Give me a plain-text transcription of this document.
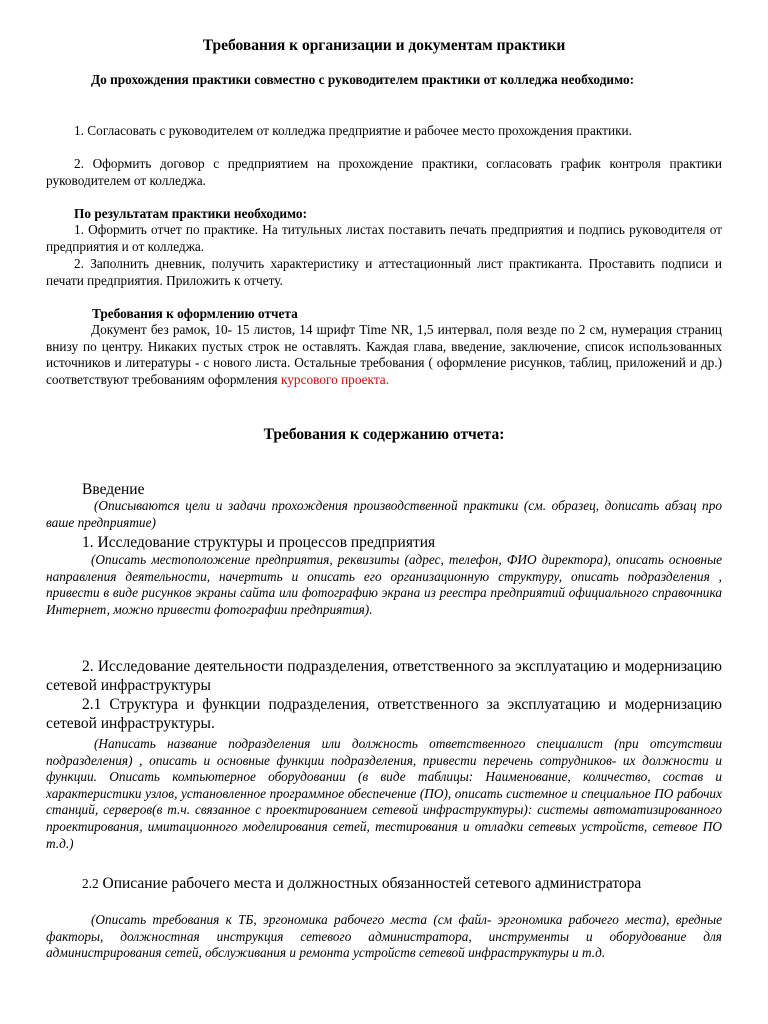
Требования к организации и документам практики

До прохождения практики совместно с руководителем практики от колледжа необходимо:

1. Согласовать с руководителем от колледжа предприятие и рабочее место прохождения практики.

2. Оформить договор с предприятием на прохождение практики, согласовать график контроля практики руководителем от колледжа.

По результатам практики необходимо:

1. Оформить отчет по практике. На титульных листах поставить печать предприятия и подпись руководителя от предприятия и от колледжа.

2. Заполнить дневник, получить характеристику и аттестационный лист практиканта. Проставить подписи и печати предприятия. Приложить к отчету.

Требования к оформлению отчета

Документ без рамок, 10- 15 листов, 14 шрифт Time NR, 1,5 интервал, поля везде по 2 см, нумерация страниц внизу по центру. Никаких пустых строк не оставлять. Каждая глава, введение, заключение, список использованных источников и литературы - с нового листа. Остальные требования ( оформление рисунков, таблиц, приложений и др.) соответствуют требованиям оформления курсового проекта.

Требования к содержанию отчета:

Введение

(Описываются цели и задачи прохождения производственной практики (см. образец, дописать абзац про ваше предприятие)

1. Исследование структуры и процессов предприятия

(Описать местоположение предприятия, реквизиты (адрес, телефон, ФИО директора), описать основные направления деятельности, начертить и описать его организационную структуру, описать подразделения , привести в виде рисунков экраны сайта или фотографию экрана из реестра предприятий официального справочника Интернет, можно привести фотографии предприятия).

2. Исследование деятельности подразделения, ответственного за эксплуатацию и модернизацию сетевой инфраструктуры

2.1 Структура и функции подразделения, ответственного за эксплуатацию и модернизацию сетевой инфраструктуры.

(Написать название подразделения или должность ответственного специалист (при отсутствии подразделения) , описать и основные функции подразделения, привести перечень сотрудников- их должности и функции. Описать компьютерное оборудовании (в виде таблицы: Наименование, количество, состав и характеристики узлов, установленное программное обеспечение (ПО), описать системное и специальное ПО рабочих станций, серверов(в т.ч. связанное с проектированием сетевой инфраструктуры): системы автоматизированного проектирования, имитационного моделирования сетей, тестирования и отладки сетевых устройств, сетевое ПО т.д.)

2.2 Описание рабочего места и должностных обязанностей сетевого администратора

(Описать требования к ТБ, эргономика рабочего места (см файл- эргономика рабочего места), вредные факторы, должностная инструкция сетевого администратора, инструменты и оборудование для администрирования сетей, обслуживания и ремонта устройств сетевой инфраструктуры и т.д.
